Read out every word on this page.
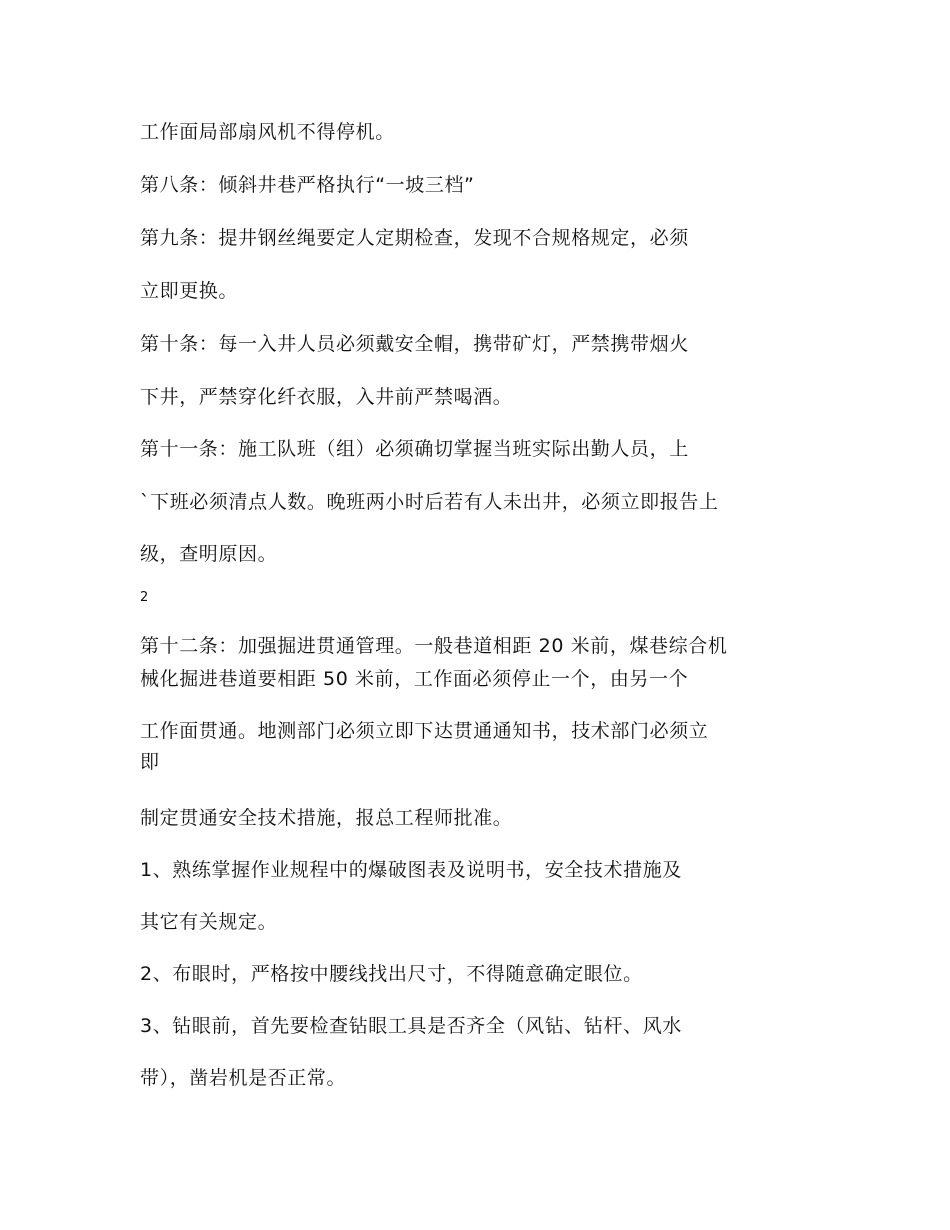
工作面局部扇风机不得停机。
第八条：倾斜井巷严格执行“一坡三档”
第九条：提井钢丝绳要定人定期检查，发现不合规格规定，必须
立即更换。
第十条：每一入井人员必须戴安全帽，携带矿灯，严禁携带烟火
下井，严禁穿化纤衣服，入井前严禁喝酒。
第十一条：施工队班（组）必须确切掌握当班实际出勤人员，上
`下班必须清点人数。晚班两小时后若有人未出井，必须立即报告上
级，查明原因。
2
第十二条：加强掘进贯通管理。一般巷道相距 20 米前，煤巷综合机
械化掘进巷道要相距 50 米前，工作面必须停止一个，由另一个
工作面贯通。地测部门必须立即下达贯通通知书，技术部门必须立
即
制定贯通安全技术措施，报总工程师批准。
1、熟练掌握作业规程中的爆破图表及说明书，安全技术措施及
其它有关规定。
2、布眼时，严格按中腰线找出尺寸，不得随意确定眼位。
3、钻眼前，首先要检查钻眼工具是否齐全（风钻、钻杆、风水
带），凿岩机是否正常。
